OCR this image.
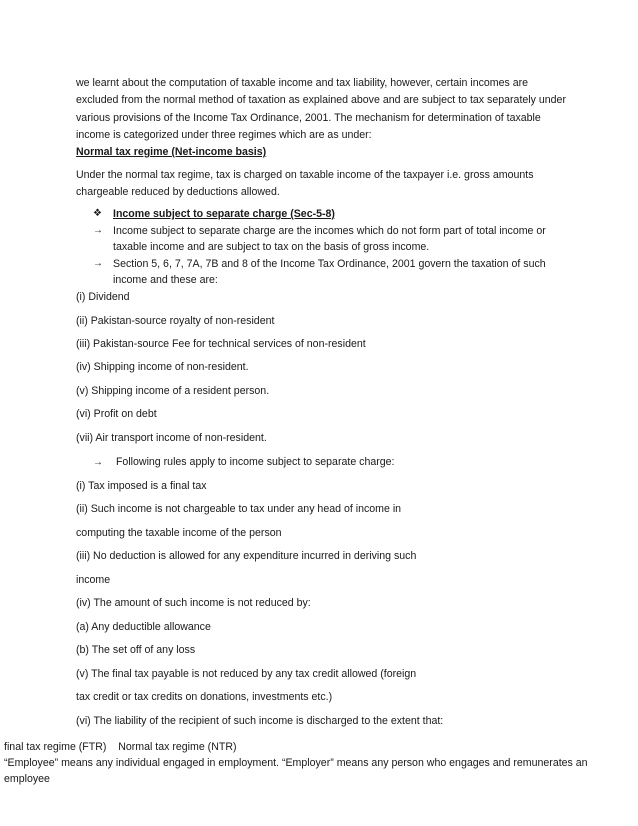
we learnt about the computation of taxable income and tax liability, however, certain incomes are excluded from the normal method of taxation as explained above and are subject to tax separately under various provisions of the Income Tax Ordinance, 2001. The mechanism for determination of taxable income is categorized under three regimes which are as under:
Normal tax regime (Net-income basis)
Under the normal tax regime, tax is charged on taxable income of the taxpayer i.e. gross amounts chargeable reduced by deductions allowed.
❖	Income subject to separate charge (Sec-5-8)
→ Income subject to separate charge are the incomes which do not form part of total income or taxable income and are subject to tax on the basis of gross income.
→ Section 5, 6, 7, 7A, 7B and 8 of the Income Tax Ordinance, 2001 govern the taxation of such income and these are:
(i) Dividend
(ii) Pakistan-source royalty of non-resident
(iii) Pakistan-source Fee for technical services of non-resident
(iv) Shipping income of non-resident.
(v) Shipping income of a resident person.
(vi) Profit on debt
(vii) Air transport income of non-resident.
→ Following rules apply to income subject to separate charge:
(i) Tax imposed is a final tax
(ii) Such income is not chargeable to tax under any head of income in
computing the taxable income of the person
(iii) No deduction is allowed for any expenditure incurred in deriving such
income
(iv) The amount of such income is not reduced by:
(a) Any deductible allowance
(b) The set off of any loss
(v) The final tax payable is not reduced by any tax credit allowed (foreign
tax credit or tax credits on donations, investments etc.)
(vi) The liability of the recipient of such income is discharged to the extent that:
final tax regime (FTR)    Normal tax regime (NTR)
“Employee” means any individual engaged in employment. “Employer” means any person who engages and remunerates an employee
